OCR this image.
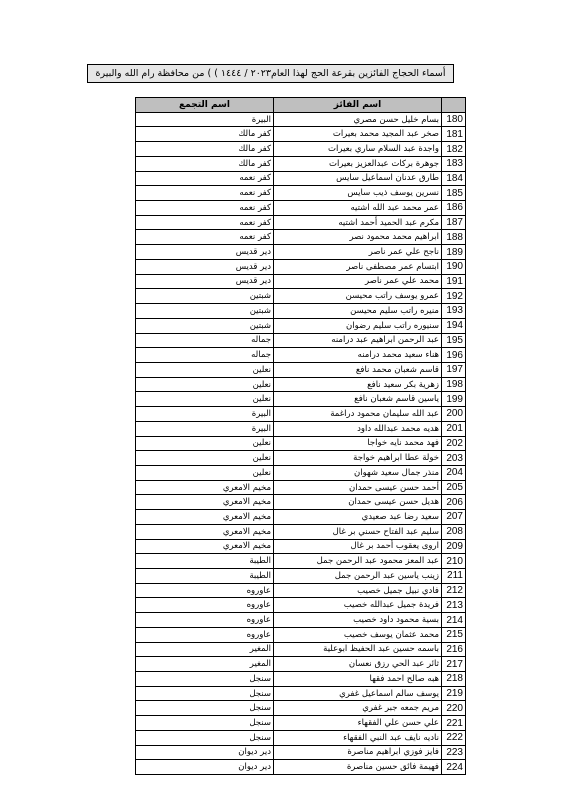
أسماء الحجاج الفائزين بقرعة الحج لهذا العام٢٠٢٣ / ١٤٤٤ ) ) من محافظة رام الله والبيرة
اسم التجمع	اسم الفائز	
البيرة	بسام خليل حسن مصري	180
كفر مالك	صخر عبد المجيد محمد بعيرات	181
كفر مالك	واجدة عبد السلام ساري بعيرات	182
كفر مالك	جوهرة بركات عبدالعزيز بعيرات	183
كفر نعمه	طارق عدنان اسماعيل سايس	184
كفر نعمه	نسرين يوسف ذيب سايس	185
كفر نعمه	عمر محمد عبد الله اشتيه	186
كفر نعمه	مكرم عبد الحميد أحمد اشتيه	187
كفر نعمه	ابراهيم محمد محمود نصر	188
دير قديس	ناجح علي عمر ناصر	189
دير قديس	ابتسام عمر مصطفى ناصر	190
دير قديس	محمد علي عمر ناصر	191
شبتين	عمرو يوسف راتب محيسن	192
شبتين	منيره راتب سليم محيسن	193
شبتين	سنيوره راتب سليم رضوان	194
جماله	عبد الرحمن ابراهيم عبد درامنه	195
جماله	هناء سعيد محمد درامنه	196
نعلين	قاسم شعبان محمد نافع	197
نعلين	زهرية بكر سعيد نافع	198
نعلين	ياسين قاسم شعبان نافع	199
البيرة	عبد الله سليمان محمود دراغمة	200
البيرة	هديه محمد عبدالله داود	201
نعلين	فهد محمد نايه خواجا	202
نعلين	خولة عطا ابراهيم خواجة	203
نعلين	منذر جمال سعيد شهوان	204
مخيم الامعري	أحمد حسن عيسى حمدان	205
مخيم الامعري	هديل حسن عيسى حمدان	206
مخيم الامعري	سعيد رضا عبد صعيدي	207
مخيم الامعري	سليم عبد الفتاح حسني بر غال	208
مخيم الامعري	اروى يعقوب أحمد بر غال	209
الطيبة	عبد المعز محمود عبد الرحمن جمل	210
الطيبة	زينب ياسين عبد الرحمن جمل	211
عاوروه	فادي نبيل جميل خصيب	212
عاوروه	فريدة جميل عبدالله خصيب	213
عاوروه	بسية محمود داود خصيب	214
عاوروه	محمد عثمان يوسف خصيب	215
المغير	باسمه حسين عبد الحفيظ ابوعلية	216
المغير	ثائر عبد الحي رزق نعسان	217
سنجل	هبه صالح احمد فقها	218
سنجل	يوسف سالم اسماعيل غفري	219
سنجل	مريم جمعه جبر غفري	220
سنجل	علي حسن علي الفقهاء	221
سنجل	ناديه نايف عبد النبي الفقهاء	222
دير ديوان	فايز فوزي ابراهيم مناصرة	223
دير ديوان	فهيمة فائق حسين مناصرة	224
